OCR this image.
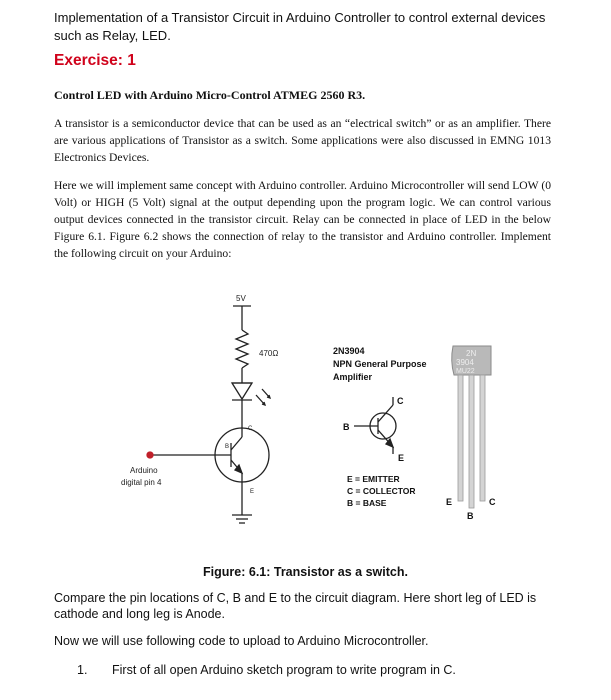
Implementation of a Transistor Circuit in Arduino Controller to control external devices such as Relay, LED.
Exercise: 1
Control LED with Arduino Micro-Control ATMEG 2560 R3.
A transistor is a semiconductor device that can be used as an “electrical switch” or as an amplifier. There are various applications of Transistor as a switch. Some applications were also discussed in EMNG 1013 Electronics Devices.
Here we will implement same concept with Arduino controller. Arduino Microcontroller will send LOW (0 Volt) or HIGH (5 Volt) signal at the output depending upon the program logic. We can control various output devices connected in the transistor circuit. Relay can be connected in place of LED in the below Figure 6.1. Figure 6.2 shows the connection of relay to the transistor and Arduino controller. Implement the following circuit on your Arduino:
5V
470Ω
C
B
E
Arduino
digital pin 4
2N3904
NPN General Purpose
Amplifier
C
B
E
E = EMITTER
C = COLLECTOR
B = BASE
2N
3904
MU22
E
B
C
Figure: 6.1: Transistor as a switch.
Compare the pin locations of C, B and E to the circuit diagram. Here short leg of LED is cathode and long leg is Anode.
Now we will use following code to upload to Arduino Microcontroller.
1. First of all open Arduino sketch program to write program in C.
